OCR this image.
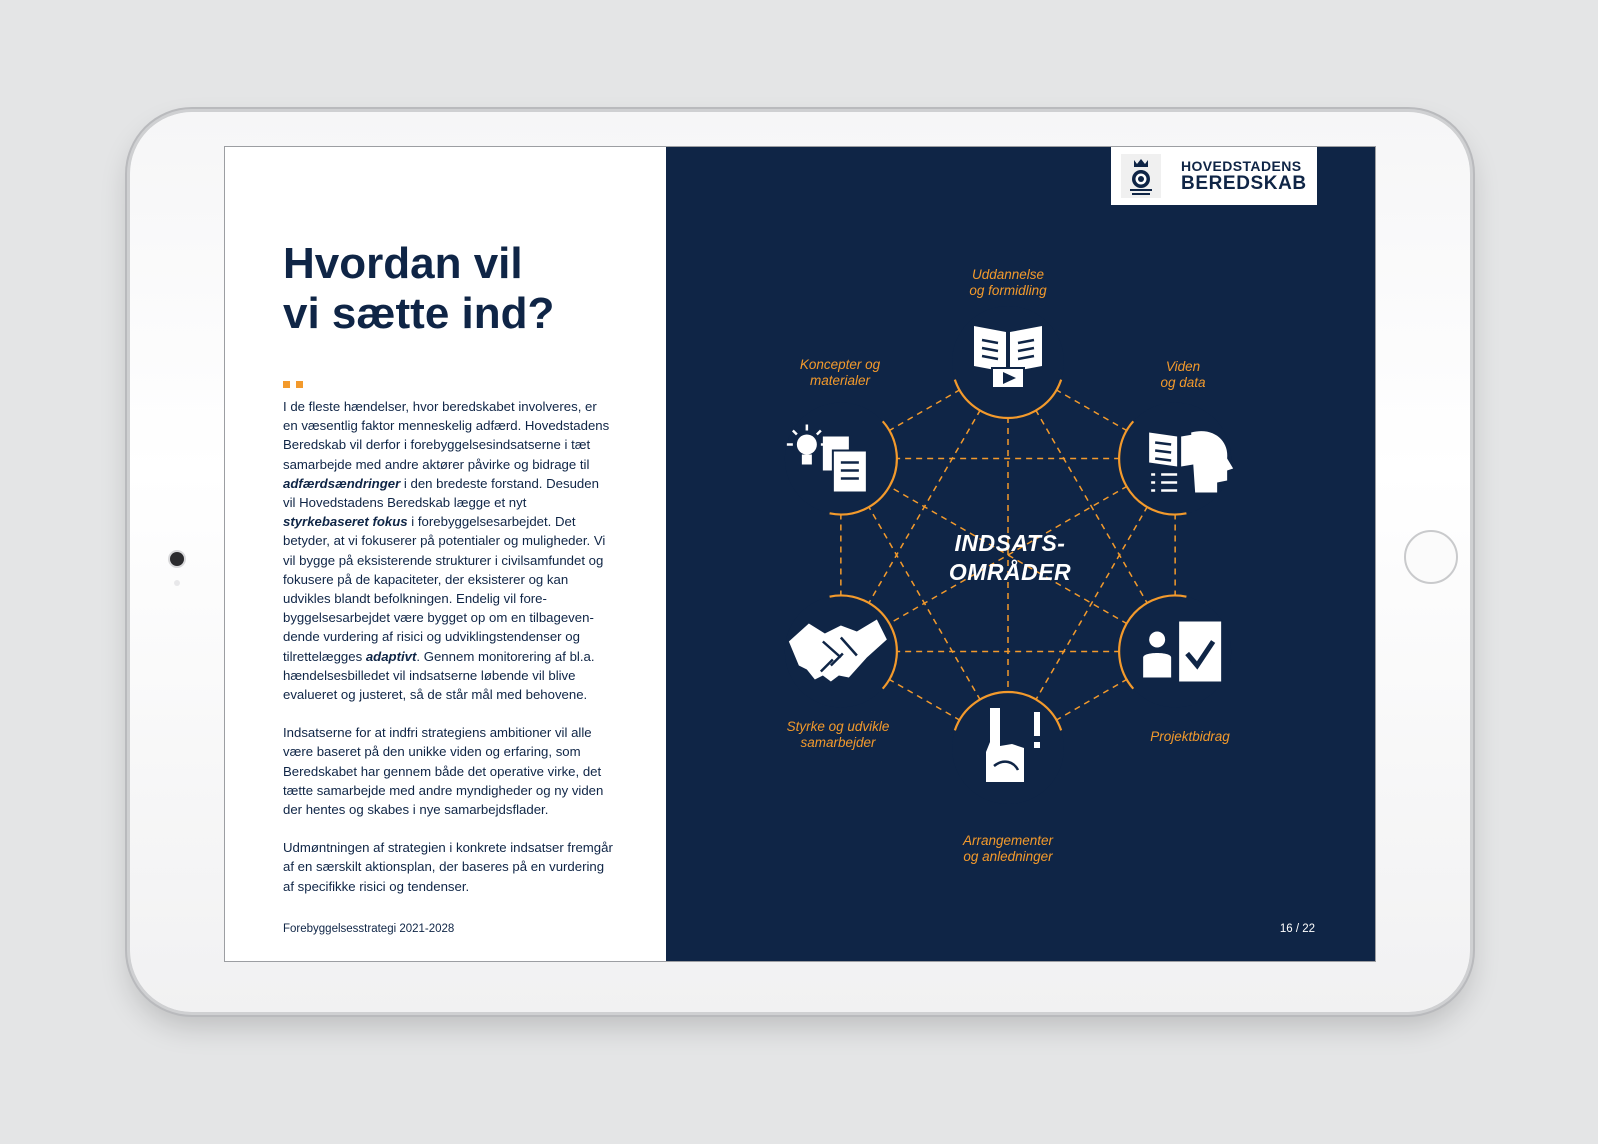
Hvordan vil
vi sætte ind?

I de fleste hændelser, hvor beredskabet involveres, er en væsentlig faktor menneskelig adfærd. Hovedstadens Beredskab vil derfor i forebyggelsesindsatserne i tæt samarbejde med andre aktører påvirke og bidrage til adfærdsændringer i den bredeste forstand. Desuden vil Hovedstadens Beredskab lægge et nyt styrkebaseret fokus i forebyggelsesarbejdet. Det betyder, at vi fokuserer på potentialer og muligheder. Vi vil bygge på eksisterende strukturer i civilsamfundet og fokusere på de kapaciteter, der eksisterer og kan udvikles blandt befolkningen. Endelig vil forebyggelsesarbejdet være bygget op om en tilbagevendende vurdering af risici og udviklingstendenser og tilrettelægges adaptivt. Gennem monitorering af bl.a. hændelsesbilledet vil indsatserne løbende vil blive evalueret og justeret, så de står mål med behovene.

Indsatserne for at indfri strategiens ambitioner vil alle være baseret på den unikke viden og erfaring, som Beredskabet har gennem både det operative virke, det tætte samarbejde med andre myndigheder og ny viden der hentes og skabes i nye samarbejdsflader.

Udmøntningen af strategien i konkrete indsatser fremgår af en særskilt aktionsplan, der baseres på en vurdering af specifikke risici og tendenser.

Forebyggelsesstrategi 2021-2028
HOVEDSTADENS
BEREDSKAB
Uddannelse
og formidling
Viden
og data
Projektbidrag
Arrangementer
og anledninger
Styrke og udvikle
samarbejder
Koncepter og
materialer
INDSATS-
OMRÅDER
16 / 22
